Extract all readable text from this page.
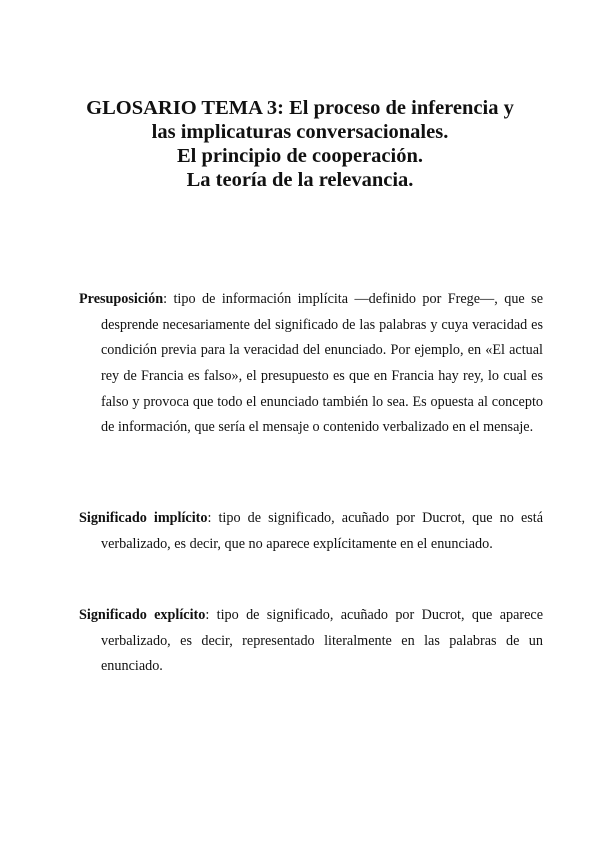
GLOSARIO TEMA 3: El proceso de inferencia y
las implicaturas conversacionales.
El principio de cooperación.
La teoría de la relevancia.

Presuposición: tipo de información implícita —definido por Frege—, que se desprende necesariamente del significado de las palabras y cuya veracidad es condición previa para la veracidad del enunciado. Por ejemplo, en «El actual rey de Francia es falso», el presupuesto es que en Francia hay rey, lo cual es falso y provoca que todo el enunciado también lo sea. Es opuesta al concepto de información, que sería el mensaje o contenido verbalizado en el mensaje.

Significado implícito: tipo de significado, acuñado por Ducrot, que no está verbalizado, es decir, que no aparece explícitamente en el enunciado.

Significado explícito: tipo de significado, acuñado por Ducrot, que aparece verbalizado, es decir, representado literalmente en las palabras de un enunciado.
